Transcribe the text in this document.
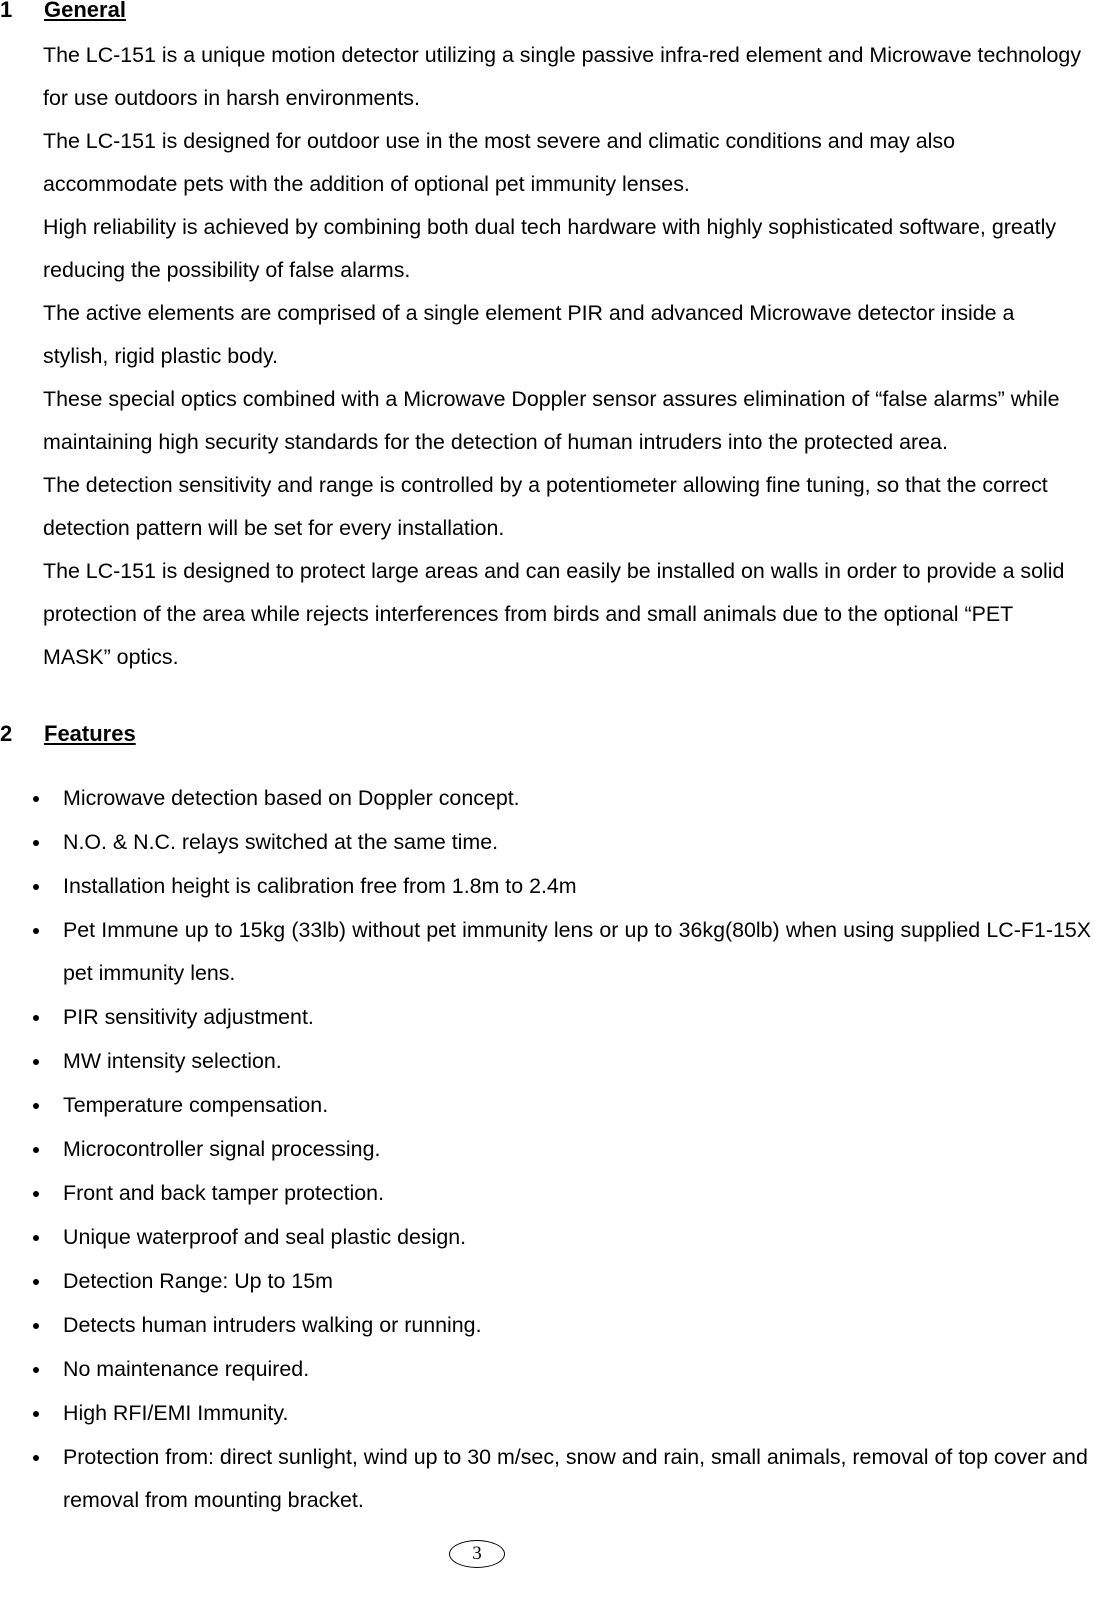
1 General

The LC-151 is a unique motion detector utilizing a single passive infra-red element and Microwave technology for use outdoors in harsh environments.

The LC-151 is designed for outdoor use in the most severe and climatic conditions and may also accommodate pets with the addition of optional pet immunity lenses.

High reliability is achieved by combining both dual tech hardware with highly sophisticated software, greatly reducing the possibility of false alarms.

The active elements are comprised of a single element PIR and advanced Microwave detector inside a stylish, rigid plastic body.

These special optics combined with a Microwave Doppler sensor assures elimination of “false alarms” while maintaining high security standards for the detection of human intruders into the protected area.

The detection sensitivity and range is controlled by a potentiometer allowing fine tuning, so that the correct detection pattern will be set for every installation.

The LC-151 is designed to protect large areas and can easily be installed on walls in order to provide a solid protection of the area while rejects interferences from birds and small animals due to the optional “PET MASK” optics.

2 Features
Microwave detection based on Doppler concept.
N.O. & N.C. relays switched at the same time.
Installation height is calibration free from 1.8m to 2.4m
Pet Immune up to 15kg (33lb) without pet immunity lens or up to 36kg(80lb) when using supplied LC-F1-15X pet immunity lens.
PIR sensitivity adjustment.
MW intensity selection.
Temperature compensation.
Microcontroller signal processing.
Front and back tamper protection.
Unique waterproof and seal plastic design.
Detection Range: Up to 15m
Detects human intruders walking or running.
No maintenance required.
High RFI/EMI Immunity.
Protection from: direct sunlight, wind up to 30 m/sec, snow and rain, small animals, removal of top cover and removal from mounting bracket.
3
